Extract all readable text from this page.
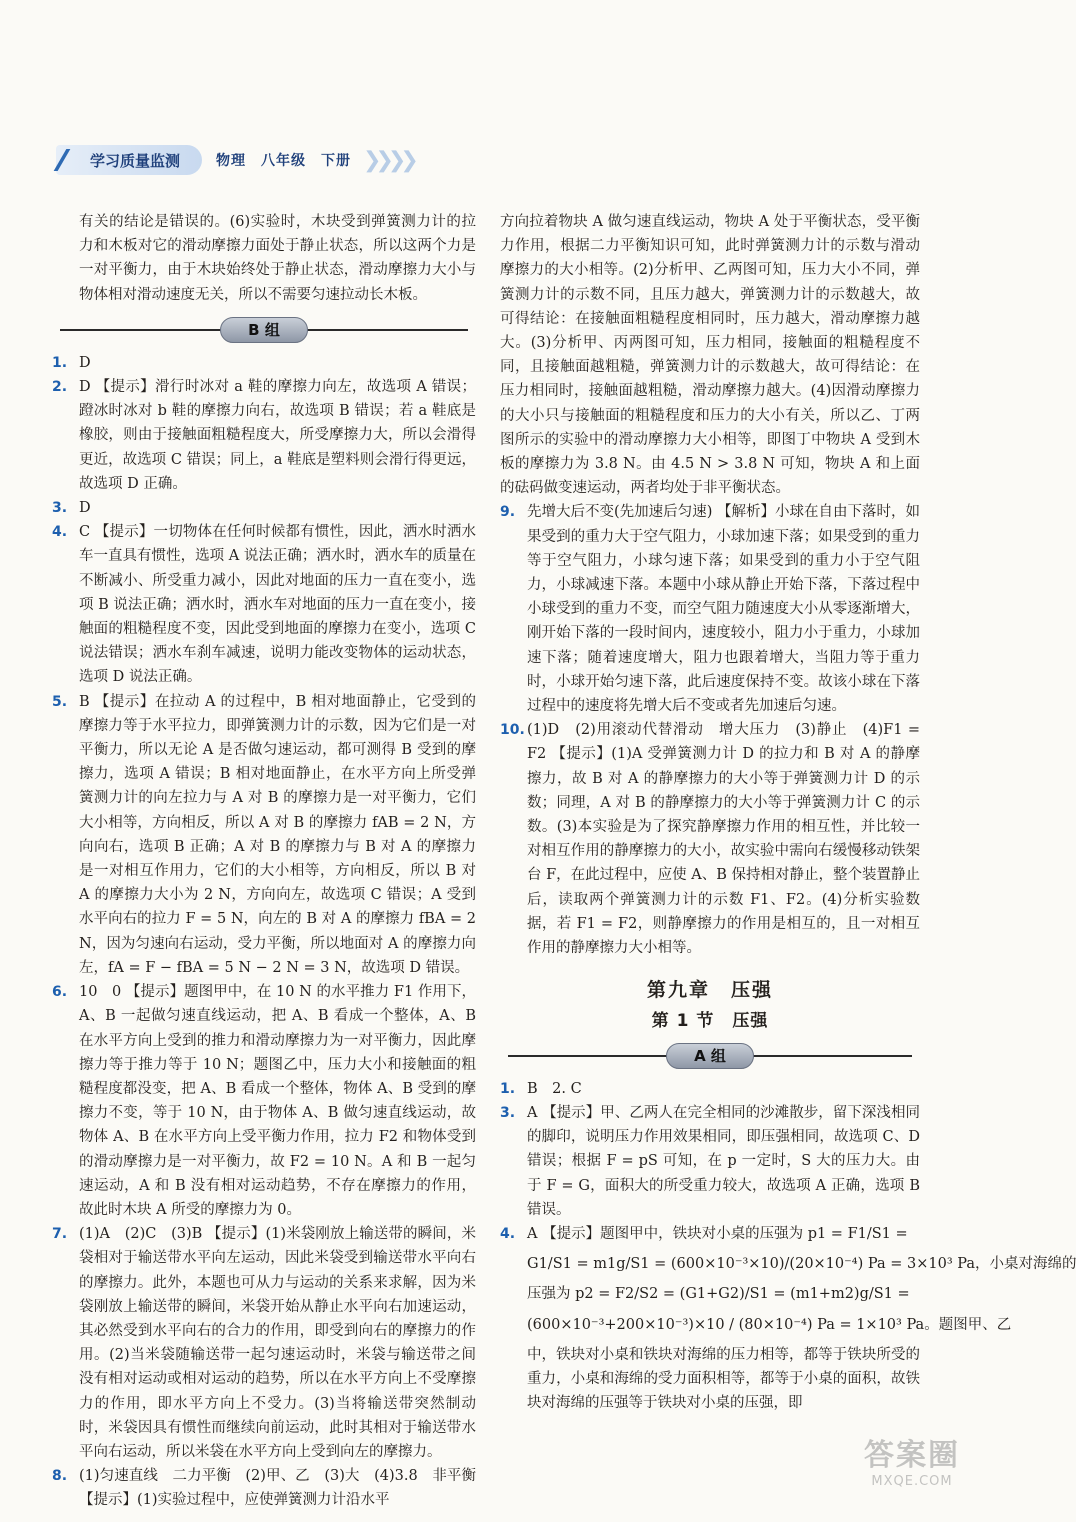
学习质量监测	物理　八年级　下册 ❯❯❯❯

有关的结论是错误的。(6)实验时，木块受到弹簧测力计的拉力和木板对它的滑动摩擦力面处于静止状态，所以这两个力是一对平衡力，由于木块始终处于静止状态，滑动摩擦力大小与物体相对滑动速度无关，所以不需要匀速拉动长木板。

B 组
1. D
2. D 【提示】滑行时冰对 a 鞋的摩擦力向左，故选项 A 错误；蹬冰时冰对 b 鞋的摩擦力向右，故选项 B 错误；若 a 鞋底是橡胶，则由于接触面粗糙程度大，所受摩擦力大，所以会滑得更近，故选项 C 错误；同上，a 鞋底是塑料则会滑行得更远，故选项 D 正确。
3. D
4. C 【提示】一切物体在任何时候都有惯性，因此，洒水时洒水车一直具有惯性，选项 A 说法正确；洒水时，洒水车的质量在不断减小、所受重力减小，因此对地面的压力一直在变小，选项 B 说法正确；洒水时，洒水车对地面的压力一直在变小，接触面的粗糙程度不变，因此受到地面的摩擦力在变小，选项 C 说法错误；洒水车刹车减速，说明力能改变物体的运动状态，选项 D 说法正确。
5. B 【提示】在拉动 A 的过程中，B 相对地面静止，它受到的摩擦力等于水平拉力，即弹簧测力计的示数，因为它们是一对平衡力，所以无论 A 是否做匀速运动，都可测得 B 受到的摩擦力，选项 A 错误；B 相对地面静止，在水平方向上所受弹簧测力计的向左拉力与 A 对 B 的摩擦力是一对平衡力，它们大小相等，方向相反，所以 A 对 B 的摩擦力 fAB = 2 N，方向向右，选项 B 正确；A 对 B 的摩擦力与 B 对 A 的摩擦力是一对相互作用力，它们的大小相等，方向相反，所以 B 对 A 的摩擦力大小为 2 N，方向向左，故选项 C 错误；A 受到水平向右的拉力 F = 5 N，向左的 B 对 A 的摩擦力 fBA = 2 N，因为匀速向右运动，受力平衡，所以地面对 A 的摩擦力向左，fA = F − fBA = 5 N − 2 N = 3 N，故选项 D 错误。
6. 10　0 【提示】题图甲中，在 10 N 的水平推力 F1 作用下，A、B 一起做匀速直线运动，把 A、B 看成一个整体，A、B 在水平方向上受到的推力和滑动摩擦力为一对平衡力，因此摩擦力等于推力等于 10 N；题图乙中，压力大小和接触面的粗糙程度都没变，把 A、B 看成一个整体，物体 A、B 受到的摩擦力不变，等于 10 N，由于物体 A、B 做匀速直线运动，故物体 A、B 在水平方向上受平衡力作用，拉力 F2 和物体受到的滑动摩擦力是一对平衡力，故 F2 = 10 N。A 和 B 一起匀速运动，A 和 B 没有相对运动趋势，不存在摩擦力的作用，故此时木块 A 所受的摩擦力为 0。
7. (1)A　(2)C　(3)B 【提示】(1)米袋刚放上输送带的瞬间，米袋相对于输送带水平向左运动，因此米袋受到输送带水平向右的摩擦力。此外，本题也可从力与运动的关系来求解，因为米袋刚放上输送带的瞬间，米袋开始从静止水平向右加速运动，其必然受到水平向右的合力的作用，即受到向右的摩擦力的作用。(2)当米袋随输送带一起匀速运动时，米袋与输送带之间没有相对运动或相对运动的趋势，所以在水平方向上不受摩擦力的作用，即水平方向上不受力。(3)当将输送带突然制动时，米袋因具有惯性而继续向前运动，此时其相对于输送带水平向右运动，所以米袋在水平方向上受到向左的摩擦力。
8. (1)匀速直线　二力平衡　(2)甲、乙　(3)大　(4)3.8　非平衡 【提示】(1)实验过程中，应使弹簧测力计沿水平

方向拉着物块 A 做匀速直线运动，物块 A 处于平衡状态，受平衡力作用，根据二力平衡知识可知，此时弹簧测力计的示数与滑动摩擦力的大小相等。(2)分析甲、乙两图可知，压力大小不同，弹簧测力计的示数不同，且压力越大，弹簧测力计的示数越大，故可得结论：在接触面粗糙程度相同时，压力越大，滑动摩擦力越大。(3)分析甲、丙两图可知，压力相同，接触面的粗糙程度不同，且接触面越粗糙，弹簧测力计的示数越大，故可得结论：在压力相同时，接触面越粗糙，滑动摩擦力越大。(4)因滑动摩擦力的大小只与接触面的粗糙程度和压力的大小有关，所以乙、丁两图所示的实验中的滑动摩擦力大小相等，即图丁中物块 A 受到木板的摩擦力为 3.8 N。由 4.5 N > 3.8 N 可知，物块 A 和上面的砝码做变速运动，两者均处于非平衡状态。

9. 先增大后不变(先加速后匀速) 【解析】小球在自由下落时，如果受到的重力大于空气阻力，小球加速下落；如果受到的重力等于空气阻力，小球匀速下落；如果受到的重力小于空气阻力，小球减速下落。本题中小球从静止开始下落，下落过程中小球受到的重力不变，而空气阻力随速度大小从零逐渐增大，刚开始下落的一段时间内，速度较小，阻力小于重力，小球加速下落；随着速度增大，阻力也跟着增大，当阻力等于重力时，小球开始匀速下落，此后速度保持不变。故该小球在下落过程中的速度将先增大后不变或者先加速后匀速。
10. (1)D　(2)用滚动代替滑动　增大压力　(3)静止　(4)F1 = F2 【提示】(1)A 受弹簧测力计 D 的拉力和 B 对 A 的静摩擦力，故 B 对 A 的静摩擦力的大小等于弹簧测力计 D 的示数；同理，A 对 B 的静摩擦力的大小等于弹簧测力计 C 的示数。(3)本实验是为了探究静摩擦力作用的相互性，并比较一对相互作用的静摩擦力的大小，故实验中需向右缓慢移动铁架台 F，在此过程中，应使 A、B 保持相对静止，整个装置静止后，读取两个弹簧测力计的示数 F1、F2。(4)分析实验数据，若 F1 = F2，则静摩擦力的作用是相互的，且一对相互作用的静摩擦力大小相等。
第九章　压强
第 1 节　压强
A 组
1. B　2. C
3. A 【提示】甲、乙两人在完全相同的沙滩散步，留下深浅相同的脚印，说明压力作用效果相同，即压强相同，故选项 C、D 错误；根据 F = pS 可知，在 p 一定时，S 大的压力大。由于 F = G，面积大的所受重力较大，故选项 A 正确，选项 B 错误。
4. A 【提示】题图甲中，铁块对小桌的压强为 p1 = F1/S1 =
G1/S1 = m1g/S1 = (600×10⁻³×10)/(20×10⁻⁴) Pa = 3×10³ Pa，小桌对海绵的
压强为 p2 = F2/S2 = (G1+G2)/S1 = (m1+m2)g/S1 =
(600×10⁻³+200×10⁻³)×10 / (80×10⁻⁴) Pa = 1×10³ Pa。题图甲、乙

中，铁块对小桌和铁块对海绵的压力相等，都等于铁块所受的重力，小桌和海绵的受力面积相等，都等于小桌的面积，故铁块对海绵的压强等于铁块对小桌的压强，即

答案圈
MXQE.COM
